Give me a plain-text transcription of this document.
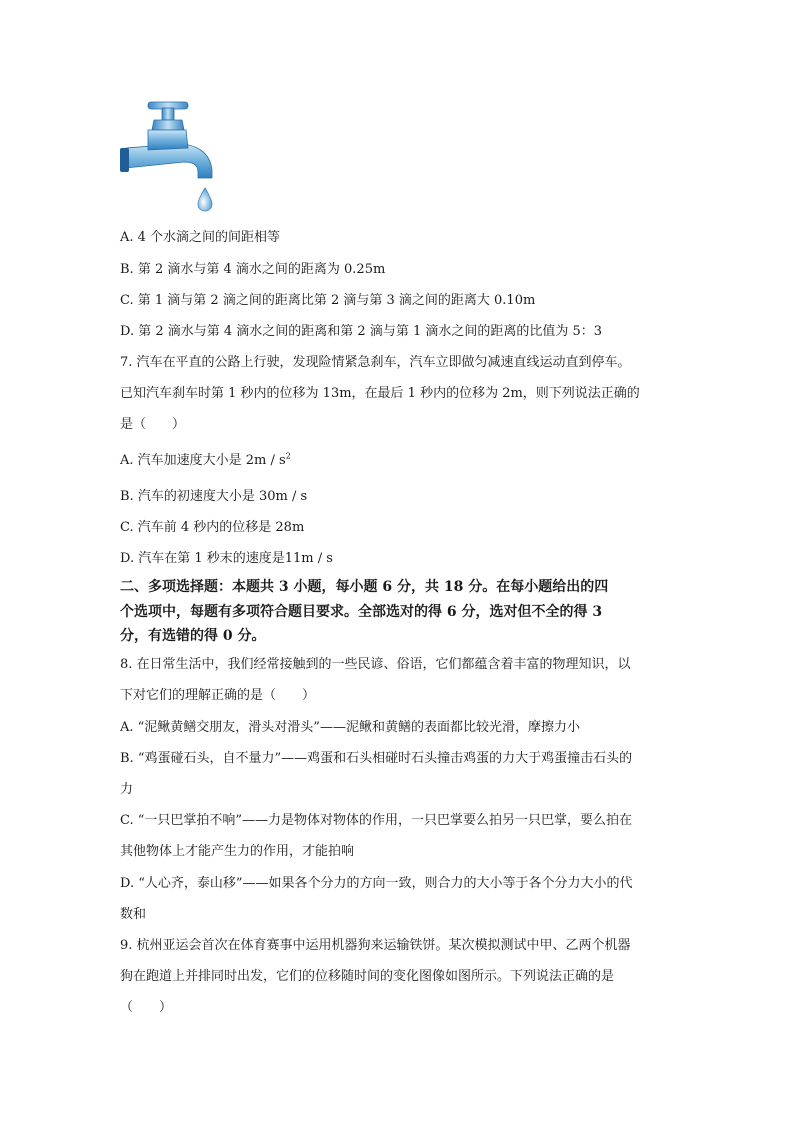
A. 4 个水滴之间的间距相等
B. 第 2 滴水与第 4 滴水之间的距离为 0.25m
C. 第 1 滴与第 2 滴之间的距离比第 2 滴与第 3 滴之间的距离大 0.10m
D. 第 2 滴水与第 4 滴水之间的距离和第 2 滴与第 1 滴水之间的距离的比值为 5：3
7. 汽车在平直的公路上行驶，发现险情紧急刹车，汽车立即做匀减速直线运动直到停车。
已知汽车刹车时第 1 秒内的位移为 13m，在最后 1 秒内的位移为 2m，则下列说法正确的
是（　　）
A. 汽车加速度大小是 $2m / s^2$
B. 汽车的初速度大小是 30m / s
C. 汽车前 4 秒内的位移是 28m
D. 汽车在第 1 秒末的速度是11m / s
二、多项选择题：本题共 3 小题，每小题 6 分，共 18 分。在每小题给出的四
个选项中，每题有多项符合题目要求。全部选对的得 6 分，选对但不全的得 3
分，有选错的得 0 分。
8. 在日常生活中，我们经常接触到的一些民谚、俗语，它们都蕴含着丰富的物理知识，以
下对它们的理解正确的是（　　）
A. “泥鳅黄鳝交朋友，滑头对滑头”——泥鳅和黄鳝的表面都比较光滑，摩擦力小
B. “鸡蛋碰石头，自不量力”——鸡蛋和石头相碰时石头撞击鸡蛋的力大于鸡蛋撞击石头的
力
C. “一只巴掌拍不响”——力是物体对物体的作用，一只巴掌要么拍另一只巴掌，要么拍在
其他物体上才能产生力的作用，才能拍响
D. “人心齐，泰山移”——如果各个分力的方向一致，则合力的大小等于各个分力大小的代
数和
9. 杭州亚运会首次在体育赛事中运用机器狗来运输铁饼。某次模拟测试中甲、乙两个机器
狗在跑道上并排同时出发，它们的位移随时间的变化图像如图所示。下列说法正确的是
（　　）
